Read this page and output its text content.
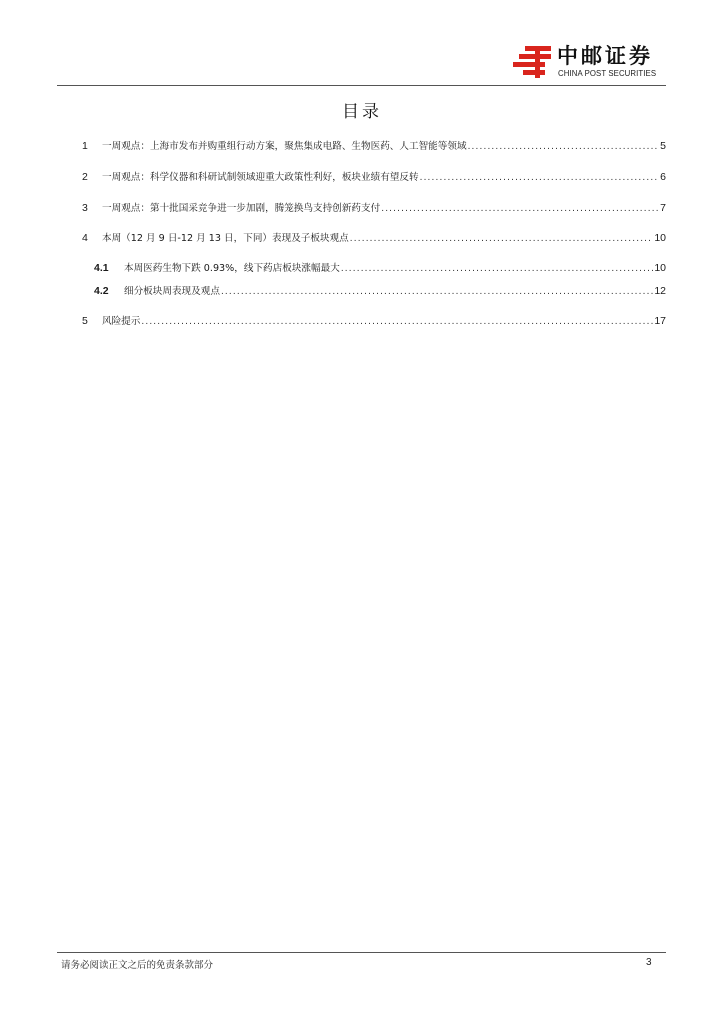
中邮证券
CHINA POST SECURITIES
目录
1	一周观点：上海市发布并购重组行动方案，聚焦集成电路、生物医药、人工智能等领域 .....	5
2	一周观点：科学仪器和科研试制领域迎重大政策性利好，板块业绩有望反转 .....	6
3	一周观点：第十批国采竞争进一步加剧，腾笼换鸟支持创新药支付 .....	7
4	本周（12 月 9 日-12 月 13 日，下同）表现及子板块观点 .....	10
4.1	本周医药生物下跌 0.93%，线下药店板块涨幅最大 .....	10
4.2	细分板块周表现及观点 .....	12
5	风险提示 .....	17
请务必阅读正文之后的免责条款部分	3
